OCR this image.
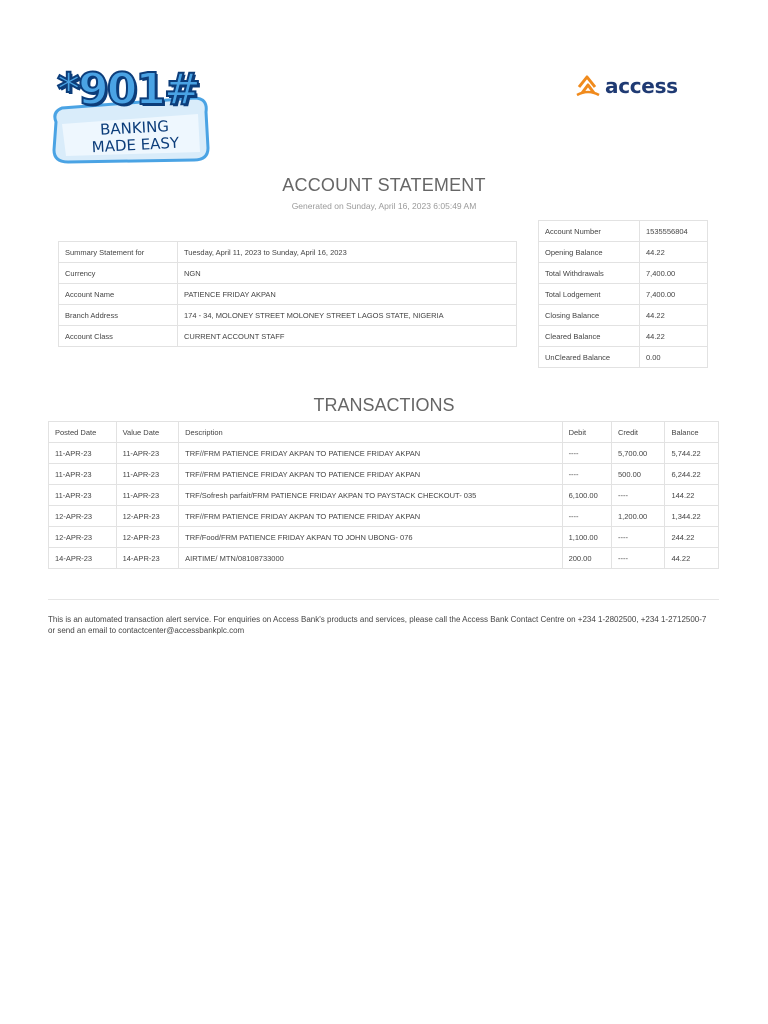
*901#
BANKING
MADE EASY
access
ACCOUNT STATEMENT
Generated on Sunday, April 16, 2023 6:05:49 AM
Summary Statement for	Tuesday, April 11, 2023 to Sunday, April 16, 2023
Currency	NGN
Account Name	PATIENCE FRIDAY AKPAN
Branch Address	174 - 34, MOLONEY STREET MOLONEY STREET LAGOS STATE, NIGERIA
Account Class	CURRENT ACCOUNT STAFF
Account Number	1535556804
Opening Balance	44.22
Total Withdrawals	7,400.00
Total Lodgement	7,400.00
Closing Balance	44.22
Cleared Balance	44.22
UnCleared Balance	0.00
TRANSACTIONS
Posted Date	Value Date	Description	Debit	Credit	Balance
11-APR-23	11-APR-23	TRF//FRM PATIENCE FRIDAY AKPAN TO PATIENCE FRIDAY AKPAN	----	5,700.00	5,744.22
11-APR-23	11-APR-23	TRF//FRM PATIENCE FRIDAY AKPAN TO PATIENCE FRIDAY AKPAN	----	500.00	6,244.22
11-APR-23	11-APR-23	TRF/Sofresh parfait/FRM PATIENCE FRIDAY AKPAN TO PAYSTACK CHECKOUT- 035	6,100.00	----	144.22
12-APR-23	12-APR-23	TRF//FRM PATIENCE FRIDAY AKPAN TO PATIENCE FRIDAY AKPAN	----	1,200.00	1,344.22
12-APR-23	12-APR-23	TRF/Food/FRM PATIENCE FRIDAY AKPAN TO JOHN UBONG- 076	1,100.00	----	244.22
14-APR-23	14-APR-23	AIRTIME/ MTN/08108733000	200.00	----	44.22
This is an automated transaction alert service. For enquiries on Access Bank's products and services, please call the Access Bank Contact Centre on +234 1-2802500, +234 1-2712500-7
or send an email to contactcenter@accessbankplc.com
